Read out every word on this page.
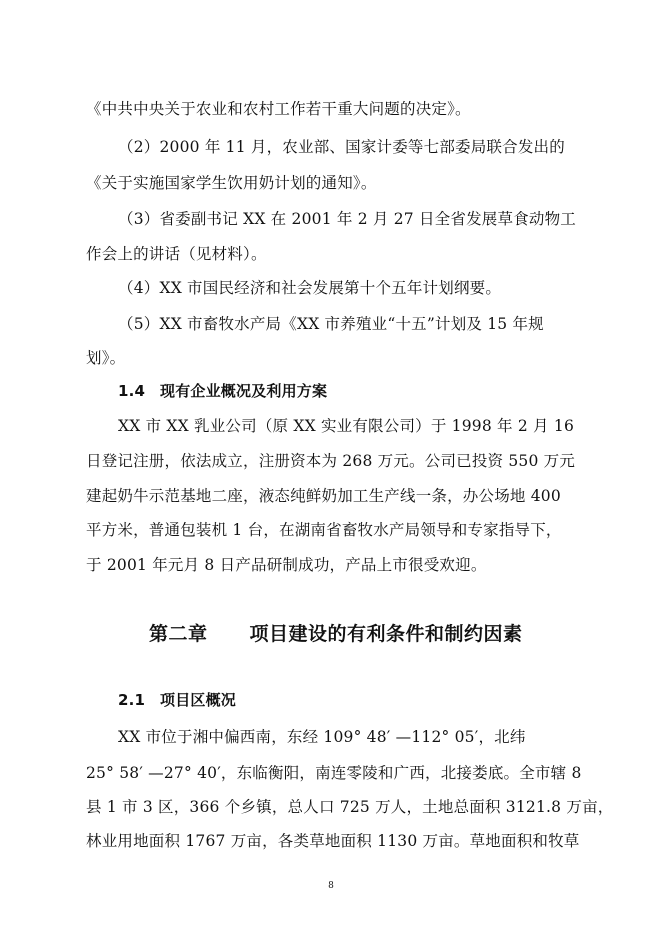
《中共中央关于农业和农村工作若干重大问题的决定》。
（2）2000 年 11 月，农业部、国家计委等七部委局联合发出的
《关于实施国家学生饮用奶计划的通知》。
（3）省委副书记 XX 在 2001 年 2 月 27 日全省发展草食动物工
作会上的讲话（见材料）。
（4）XX 市国民经济和社会发展第十个五年计划纲要。
（5）XX 市畜牧水产局《XX 市养殖业“十五”计划及 15 年规
划》。
1.4 现有企业概况及利用方案
XX 市 XX 乳业公司（原 XX 实业有限公司）于 1998 年 2 月 16
日登记注册，依法成立，注册资本为 268 万元。公司已投资 550 万元
建起奶牛示范基地二座，液态纯鲜奶加工生产线一条，办公场地 400
平方米，普通包装机 1 台，在湖南省畜牧水产局领导和专家指导下，
于 2001 年元月 8 日产品研制成功，产品上市很受欢迎。
第二章 项目建设的有利条件和制约因素
2.1 项目区概况
XX 市位于湘中偏西南，东经 109° 48′ —112° 05′，北纬
25° 58′ —27° 40′，东临衡阳，南连零陵和广西，北接娄底。全市辖 8
县 1 市 3 区，366 个乡镇，总人口 725 万人，土地总面积 3121.8 万亩，
林业用地面积 1767 万亩，各类草地面积 1130 万亩。草地面积和牧草
8
